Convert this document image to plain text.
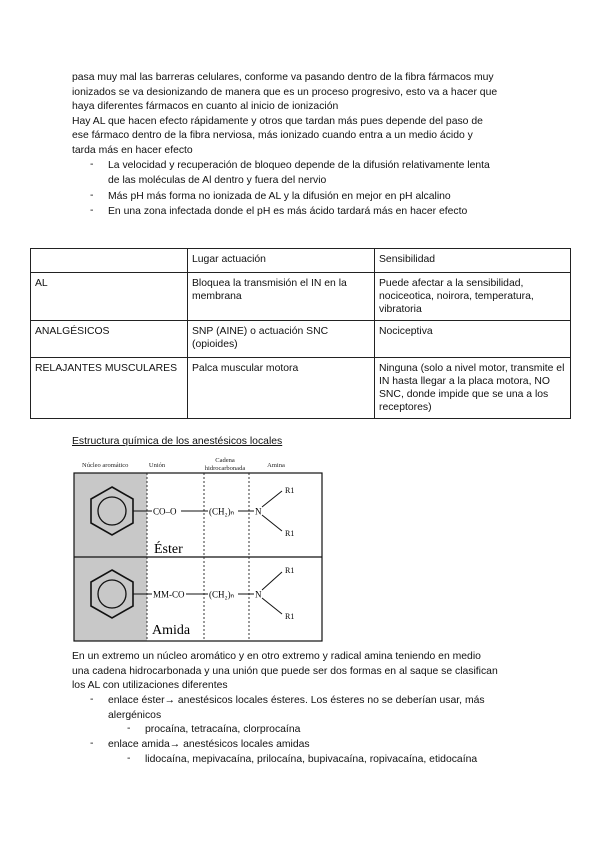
pasa muy mal las barreras celulares, conforme va pasando dentro de la fibra fármacos muy
ionizados se va desionizando de manera que es un proceso progresivo, esto va a hacer que
haya diferentes fármacos en cuanto al inicio de ionización
Hay AL que hacen efecto rápidamente y otros que tardan más pues depende del paso de
ese fármaco dentro de la fibra nerviosa, más ionizado cuando entra a un medio ácido y
tarda más en hacer efecto
-	La velocidad y recuperación de bloqueo depende de la difusión relativamente lenta
de las moléculas de Al dentro y fuera del nervio
-	Más pH más forma no ionizada de AL y la difusión en mejor en pH alcalino
-	En una zona infectada donde el pH es más ácido tardará más en hacer efecto
	Lugar actuación	Sensibilidad
AL	Bloquea la transmisión el IN en la membrana	Puede afectar a la sensibilidad, nociceotica, noirora, temperatura, vibratoria
ANALGÉSICOS	SNP (AINE) o actuación SNC (opioides)	Nociceptiva
RELAJANTES MUSCULARES	Palca muscular motora	Ninguna (solo a nivel motor, transmite el IN hasta llegar a la placa motora, NO SNC, donde impide que se una a los receptores)
Estructura química de los anestésicos locales
Núcleo aromático	Unión
Cadena
hidrocarbonada	Amina
CO–O	(CH₂)ₙ N
R1
R1
Éster
MM-CO	(CH₂)ₙ N
R1
R1
Amida
En un extremo un núcleo aromático y en otro extremo y radical amina teniendo en medio
una cadena hidrocarbonada y una unión que puede ser dos formas en al saque se clasifican
los AL con utilizaciones diferentes
-	enlace éster→ anestésicos locales ésteres. Los ésteres no se deberían usar, más
alergénicos
-	procaína, tetracaína, clorprocaína
-	enlace amida→ anestésicos locales amidas
-	lidocaína, mepivacaína, prilocaína, bupivacaína, ropivacaína, etidocaína
